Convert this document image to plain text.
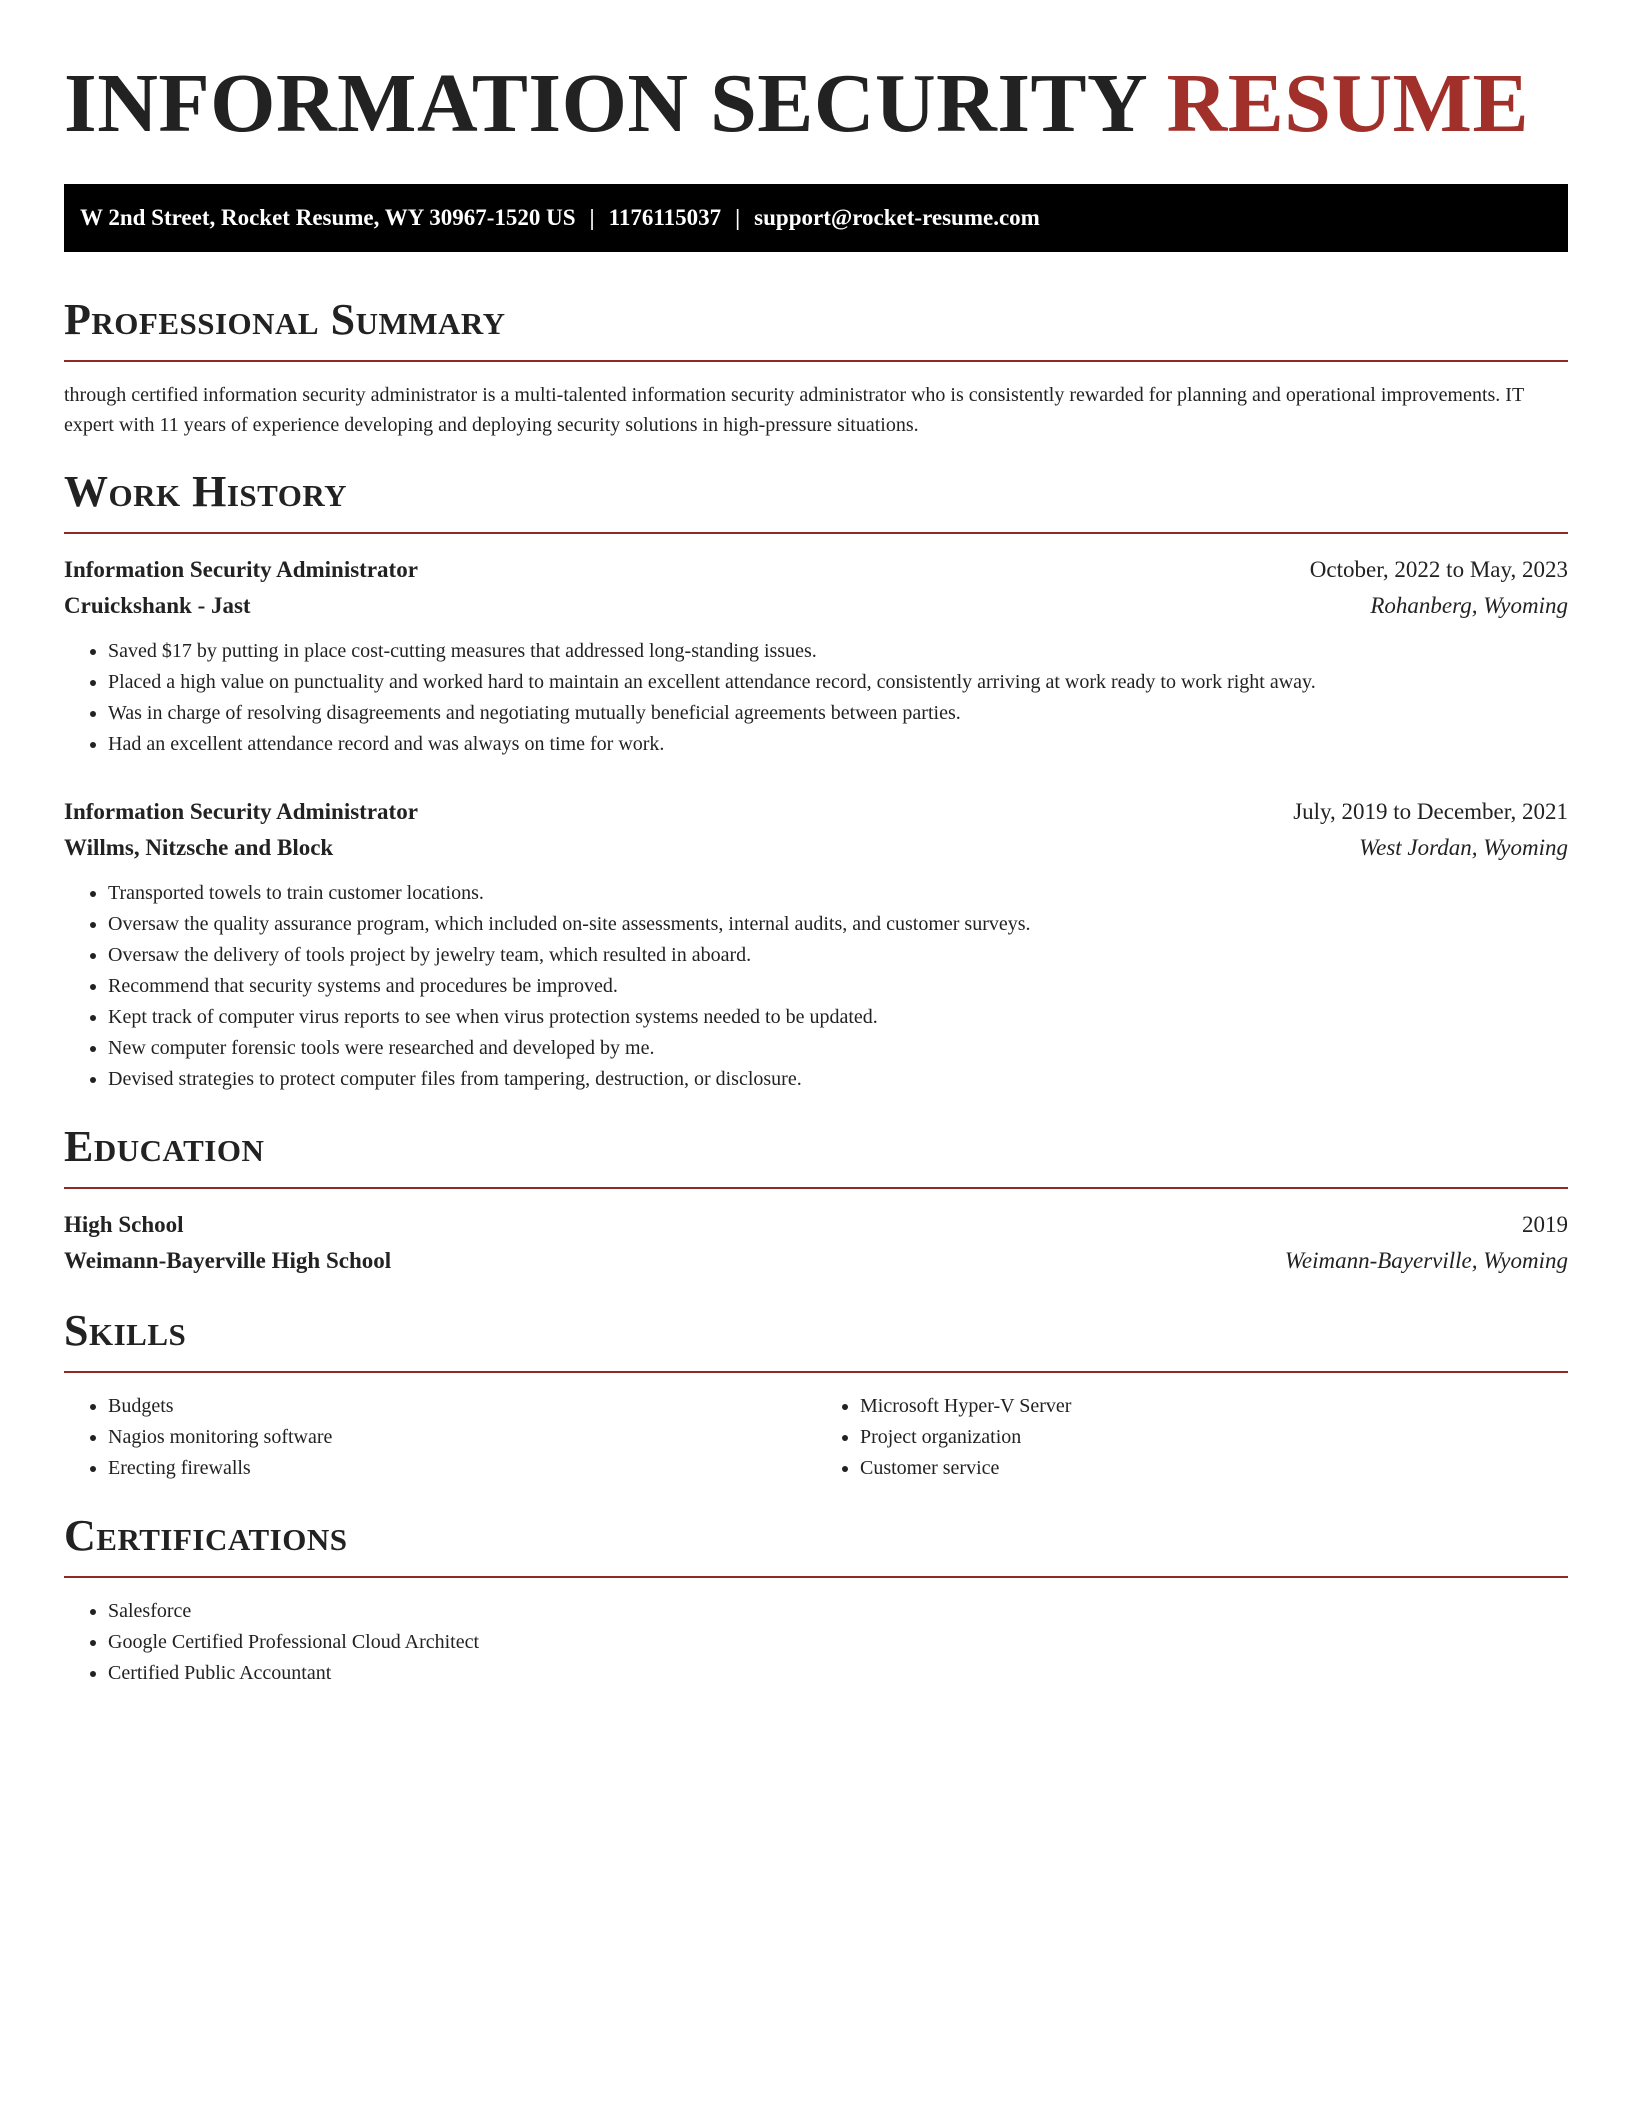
INFORMATION SECURITY RESUME
W 2nd Street, Rocket Resume, WY 30967-1520 US | 1176115037 | support@rocket-resume.com
Professional Summary

through certified information security administrator is a multi-talented information security administrator who is consistently rewarded for planning and operational improvements. IT expert with 11 years of experience developing and deploying security solutions in high-pressure situations.

Work History
Information Security Administrator	October, 2022 to May, 2023
Cruickshank - Jast	Rohanberg, Wyoming
• Saved $17 by putting in place cost-cutting measures that addressed long-standing issues.
• Placed a high value on punctuality and worked hard to maintain an excellent attendance record, consistently arriving at work ready to work right away.
• Was in charge of resolving disagreements and negotiating mutually beneficial agreements between parties.
• Had an excellent attendance record and was always on time for work.
Information Security Administrator	July, 2019 to December, 2021
Willms, Nitzsche and Block	West Jordan, Wyoming
• Transported towels to train customer locations.
• Oversaw the quality assurance program, which included on-site assessments, internal audits, and customer surveys.
• Oversaw the delivery of tools project by jewelry team, which resulted in aboard.
• Recommend that security systems and procedures be improved.
• Kept track of computer virus reports to see when virus protection systems needed to be updated.
• New computer forensic tools were researched and developed by me.
• Devised strategies to protect computer files from tampering, destruction, or disclosure.
Education
High School	2019
Weimann-Bayerville High School	Weimann-Bayerville, Wyoming
Skills
• Budgets
• Nagios monitoring software
• Erecting firewalls
• Microsoft Hyper-V Server
• Project organization
• Customer service
Certifications
• Salesforce
• Google Certified Professional Cloud Architect
• Certified Public Accountant
